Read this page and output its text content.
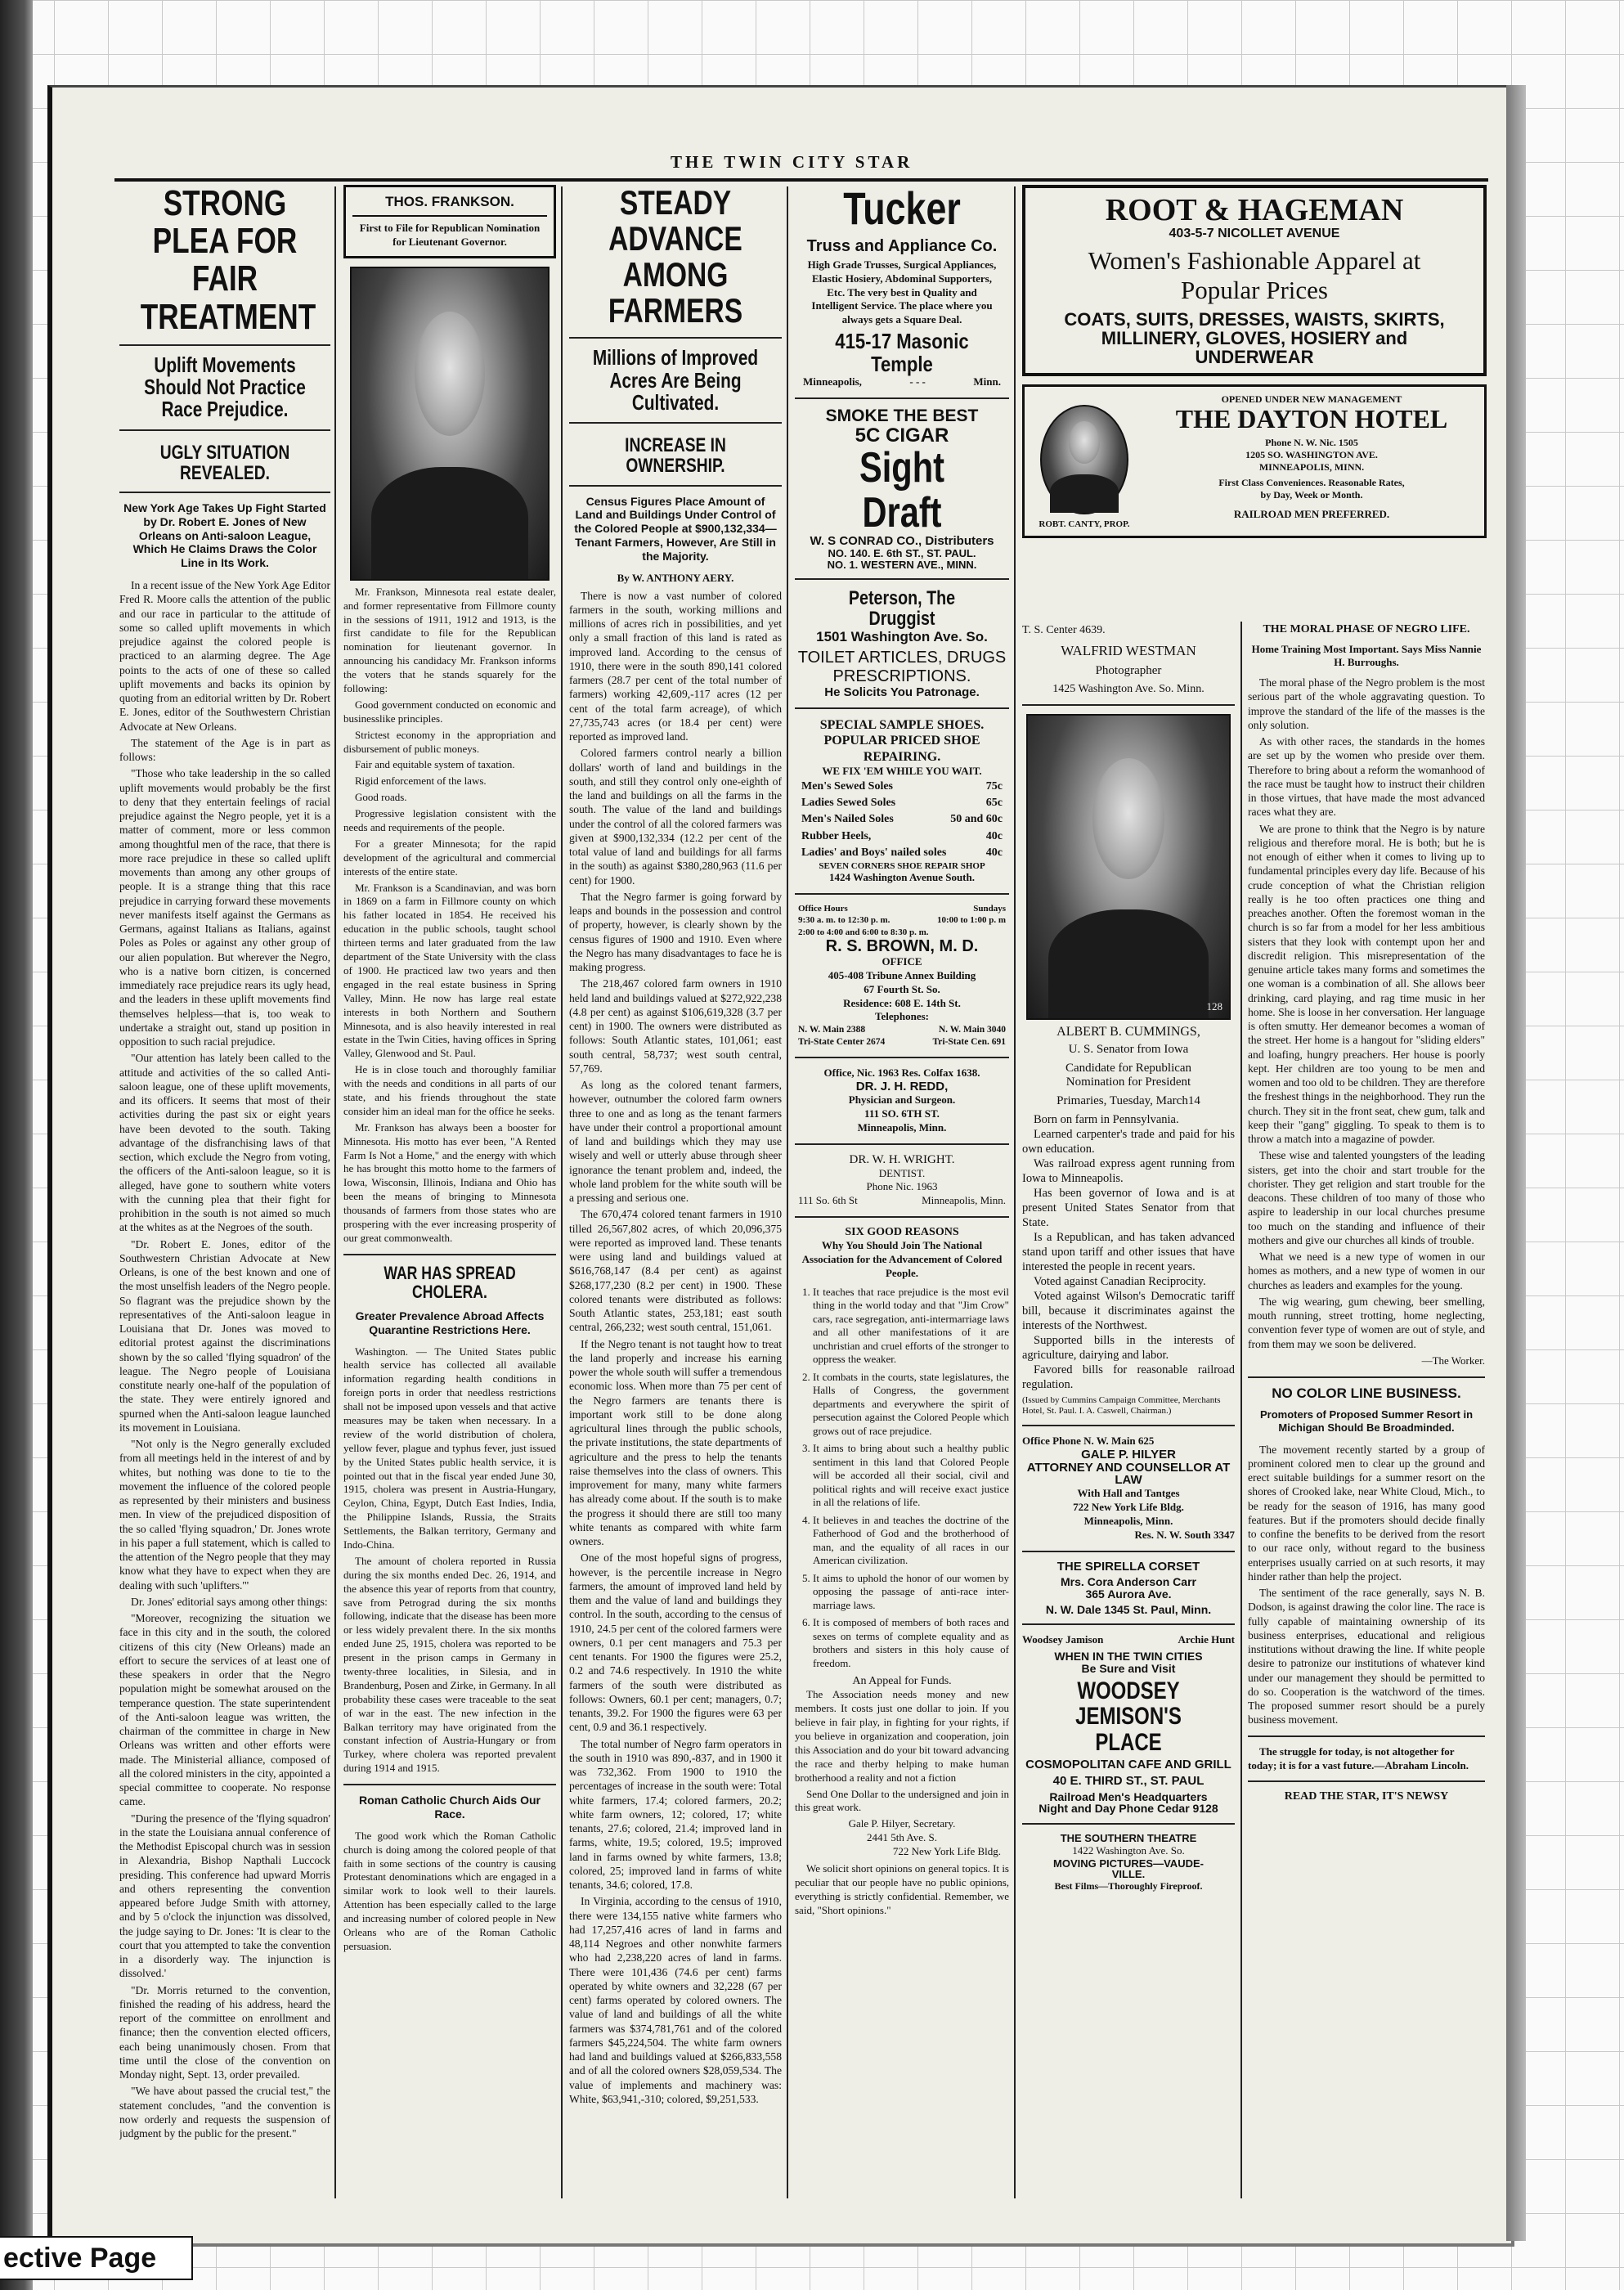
THE TWIN CITY STAR
STRONG PLEA FOR
FAIR TREATMENT
Uplift Movements Should Not Practice Race Prejudice.
UGLY SITUATION REVEALED.
New York Age Takes Up Fight Started by Dr. Robert E. Jones of New Orleans on Anti-saloon League, Which He Claims Draws the Color Line in Its Work.

In a recent issue of the New York Age Editor Fred R. Moore calls the attention of the public and our race in particular to the attitude of some so called uplift movements in which prejudice against the colored people is practiced to an alarming degree. The Age points to the acts of one of these so called uplift movements and backs its opinion by quoting from an editorial written by Dr. Robert E. Jones, editor of the Southwestern Christian Advocate at New Orleans.

The statement of the Age is in part as follows:

"Those who take leadership in the so called uplift movements would probably be the first to deny that they entertain feelings of racial prejudice against the Negro people, yet it is a matter of comment, more or less common among thoughtful men of the race, that there is more race prejudice in these so called uplift movements than among any other groups of people. It is a strange thing that this race prejudice in carrying forward these movements never manifests itself against the Germans as Germans, against Italians as Italians, against Poles as Poles or against any other group of our alien population. But wherever the Negro, who is a native born citizen, is concerned immediately race prejudice rears its ugly head, and the leaders in these uplift movements find themselves helpless—that is, too weak to undertake a straight out, stand up position in opposition to such racial prejudice.

"Our attention has lately been called to the attitude and activities of the so called Anti-saloon league, one of these uplift movements, and its officers. It seems that most of their activities during the past six or eight years have been devoted to the south. Taking advantage of the disfranchising laws of that section, which exclude the Negro from voting, the officers of the Anti-saloon league, so it is alleged, have gone to southern white voters with the cunning plea that their fight for prohibition in the south is not aimed so much at the whites as at the Negroes of the south.

"Dr. Robert E. Jones, editor of the Southwestern Christian Advocate at New Orleans, is one of the best known and one of the most unselfish leaders of the Negro people. So flagrant was the prejudice shown by the representatives of the Anti-saloon league in Louisiana that Dr. Jones was moved to editorial protest against the discriminations shown by the so called 'flying squadron' of the league. The Negro people of Louisiana constitute nearly one-half of the population of the state. They were entirely ignored and spurned when the Anti-saloon league launched its movement in Louisiana.

"Not only is the Negro generally excluded from all meetings held in the interest of and by whites, but nothing was done to tie to the movement the influence of the colored people as represented by their ministers and business men. In view of the prejudiced disposition of the so called 'flying squadron,' Dr. Jones wrote in his paper a full statement, which is called to the attention of the Negro people that they may know what they have to expect when they are dealing with such 'uplifters.'"

Dr. Jones' editorial says among other things:

"Moreover, recognizing the situation we face in this city and in the south, the colored citizens of this city (New Orleans) made an effort to secure the services of at least one of these speakers in order that the Negro population might be somewhat aroused on the temperance question. The state superintendent of the Anti-saloon league was written, the chairman of the committee in charge in New Orleans was written and other efforts were made. The Ministerial alliance, composed of all the colored ministers in the city, appointed a special committee to cooperate. No response came.

"During the presence of the 'flying squadron' in the state the Louisiana annual conference of the Methodist Episcopal church was in session in Alexandria, Bishop Napthali Luccock presiding. This conference had upward Morris and others representing the convention appeared before Judge Smith with attorney, and by 5 o'clock the injunction was dissolved, the judge saying to Dr. Jones: 'It is clear to the court that you attempted to take the convention in a disorderly way. The injunction is dissolved.'

"Dr. Morris returned to the convention, finished the reading of his address, heard the report of the committee on enrollment and finance; then the convention elected officers, each being unanimously chosen. From that time until the close of the convention on Monday night, Sept. 13, order prevailed.

"We have about passed the crucial test," the statement concludes, "and the convention is now orderly and requests the suspension of judgment by the public for the present."

THOS. FRANKSON.
First to File for Republican Nomination for Lieutenant Governor.

Mr. Frankson, Minnesota real estate dealer, and former representative from Fillmore county in the sessions of 1911, 1912 and 1913, is the first candidate to file for the Republican nomination for lieutenant governor. In announcing his candidacy Mr. Frankson informs the voters that he stands squarely for the following:

Good government conducted on economic and businesslike principles.

Strictest economy in the appropriation and disbursement of public moneys.

Fair and equitable system of taxation.

Rigid enforcement of the laws.

Good roads.

Progressive legislation consistent with the needs and requirements of the people.

For a greater Minnesota; for the rapid development of the agricultural and commercial interests of the entire state.

Mr. Frankson is a Scandinavian, and was born in 1869 on a farm in Fillmore county on which his father located in 1854. He received his education in the public schools, taught school thirteen terms and later graduated from the law department of the State University with the class of 1900. He practiced law two years and then engaged in the real estate business in Spring Valley, Minn. He now has large real estate interests in both Northern and Southern Minnesota, and is also heavily interested in real estate in the Twin Cities, having offices in Spring Valley, Glenwood and St. Paul.

He is in close touch and thoroughly familiar with the needs and conditions in all parts of our state, and his friends throughout the state consider him an ideal man for the office he seeks.

Mr. Frankson has always been a booster for Minnesota. His motto has ever been, "A Rented Farm Is Not a Home," and the energy with which he has brought this motto home to the farmers of Iowa, Wisconsin, Illinois, Indiana and Ohio has been the means of bringing to Minnesota thousands of farmers from those states who are prospering with the ever increasing prosperity of our great commonwealth.

WAR HAS SPREAD CHOLERA.
Greater Prevalence Abroad Affects Quarantine Restrictions Here.

Washington. — The United States public health service has collected all available information regarding health conditions in foreign ports in order that needless restrictions shall not be imposed upon vessels and that active measures may be taken when necessary. In a review of the world distribution of cholera, yellow fever, plague and typhus fever, just issued by the United States public health service, it is pointed out that in the fiscal year ended June 30, 1915, cholera was present in Austria-Hungary, Ceylon, China, Egypt, Dutch East Indies, India, the Philippine Islands, Russia, the Straits Settlements, the Balkan territory, Germany and Indo-China.

The amount of cholera reported in Russia during the six months ended Dec. 26, 1914, and the absence this year of reports from that country, save from Petrograd during the six months following, indicate that the disease has been more or less widely prevalent there. In the six months ended June 25, 1915, cholera was reported to be present in the prison camps in Germany in twenty-three localities, in Silesia, and in Brandenburg, Posen and Zirke, in Germany. In all probability these cases were traceable to the seat of war in the east. The new infection in the Balkan territory may have originated from the constant infection of Austria-Hungary or from Turkey, where cholera was reported prevalent during 1914 and 1915.

Roman Catholic Church Aids Our Race.

The good work which the Roman Catholic church is doing among the colored people of that faith in some sections of the country is causing Protestant denominations which are engaged in a similar work to look well to their laurels. Attention has been especially called to the large and increasing number of colored people in New Orleans who are of the Roman Catholic persuasion.

STEADY ADVANCE
AMONG FARMERS
Millions of Improved Acres Are Being Cultivated.
INCREASE IN OWNERSHIP.
Census Figures Place Amount of Land and Buildings Under Control of the Colored People at $900,132,334—Tenant Farmers, However, Are Still in the Majority.
By W. ANTHONY AERY.

There is now a vast number of colored farmers in the south, working millions and millions of acres rich in possibilities, and yet only a small fraction of this land is rated as improved land. According to the census of 1910, there were in the south 890,141 colored farmers (28.7 per cent of the total number of farmers) working 42,609,-117 acres (12 per cent of the total farm acreage), of which 27,735,743 acres (or 18.4 per cent) were reported as improved land.

Colored farmers control nearly a billion dollars' worth of land and buildings in the south, and still they control only one-eighth of the land and buildings on all the farms in the south. The value of the land and buildings under the control of all the colored farmers was given at $900,132,334 (12.2 per cent of the total value of land and buildings for all farms in the south) as against $380,280,963 (11.6 per cent) for 1900.

That the Negro farmer is going forward by leaps and bounds in the possession and control of property, however, is clearly shown by the census figures of 1900 and 1910. Even where the Negro has many disadvantages to face he is making progress.

The 218,467 colored farm owners in 1910 held land and buildings valued at $272,922,238 (4.8 per cent) as against $106,619,328 (3.7 per cent) in 1900. The owners were distributed as follows: South Atlantic states, 101,061; east south central, 58,737; west south central, 57,769.

As long as the colored tenant farmers, however, outnumber the colored farm owners three to one and as long as the tenant farmers have under their control a proportional amount of land and buildings which they may use wisely and well or utterly abuse through sheer ignorance the tenant problem and, indeed, the whole land problem for the white south will be a pressing and serious one.

The 670,474 colored tenant farmers in 1910 tilled 26,567,802 acres, of which 20,096,375 were reported as improved land. These tenants were using land and buildings valued at $616,768,147 (8.4 per cent) as against $268,177,230 (8.2 per cent) in 1900. These colored tenants were distributed as follows: South Atlantic states, 253,181; east south central, 266,232; west south central, 151,061.

If the Negro tenant is not taught how to treat the land properly and increase his earning power the whole south will suffer a tremendous economic loss. When more than 75 per cent of the Negro farmers are tenants there is important work still to be done along agricultural lines through the public schools, the private institutions, the state departments of agriculture and the press to help the tenants raise themselves into the class of owners. This improvement for many, many white farmers has already come about. If the south is to make the progress it should there are still too many white tenants as compared with white farm owners.

One of the most hopeful signs of progress, however, is the percentile increase in Negro farmers, the amount of improved land held by them and the value of land and buildings they control. In the south, according to the census of 1910, 24.5 per cent of the colored farmers were owners, 0.1 per cent managers and 75.3 per cent tenants. For 1900 the figures were 25.2, 0.2 and 74.6 respectively. In 1910 the white farmers of the south were distributed as follows: Owners, 60.1 per cent; managers, 0.7; tenants, 39.2. For 1900 the figures were 63 per cent, 0.9 and 36.1 respectively.

The total number of Negro farm operators in the south in 1910 was 890,-837, and in 1900 it was 732,362. From 1900 to 1910 the percentages of increase in the south were: Total white farmers, 17.4; colored farmers, 20.2; white farm owners, 12; colored, 17; white tenants, 27.6; colored, 21.4; improved land in farms, white, 19.5; colored, 19.5; improved land in farms owned by white farmers, 13.8; colored, 25; improved land in farms of white tenants, 34.6; colored, 17.8.

In Virginia, according to the census of 1910, there were 134,155 native white farmers who had 17,257,416 acres of land in farms and 48,114 Negroes and other nonwhite farmers who had 2,238,220 acres of land in farms. There were 101,436 (74.6 per cent) farms operated by white owners and 32,228 (67 per cent) farms operated by colored owners. The value of land and buildings of all the white farmers was $374,781,761 and of the colored farmers $45,224,504. The white farm owners had land and buildings valued at $266,833,558 and of all the colored owners $28,059,534. The value of implements and machinery was: White, $63,941,-310; colored, $9,251,533.

Tucker
Truss and Appliance Co.
High Grade Trusses, Surgical Appliances, Elastic Hosiery, Abdominal Supporters, Etc. The very best in Quality and Intelligent Service. The place where you always gets a Square Deal.
415-17 Masonic Temple
Minneapolis,	- - -	Minn.
SMOKE THE BEST
5C CIGAR
Sight Draft
W. S CONRAD CO., Distributers
NO. 140. E. 6th ST., ST. PAUL.
NO. 1. WESTERN AVE., MINN.
Peterson, The Druggist
1501 Washington Ave. So.
TOILET ARTICLES, DRUGS
PRESCRIPTIONS.
He Solicits You Patronage.
SPECIAL SAMPLE SHOES. POPULAR PRICED SHOE REPAIRING.
WE FIX 'EM WHILE YOU WAIT.
Men's Sewed Soles	75c
Ladies Sewed Soles	65c
Men's Nailed Soles	50 and 60c
Rubber Heels,	40c
Ladies' and Boys' nailed soles	40c
SEVEN CORNERS SHOE REPAIR SHOP
1424 Washington Avenue South.
Office Hours	Sundays
9:30 a. m. to 12:30 p. m.	10:00 to 1:00 p. m
2:00 to 4:00 and 6:00 to 8:30 p. m.
R. S. BROWN, M. D.
OFFICE
405-408 Tribune Annex Building
67 Fourth St. So.
Residence: 608 E. 14th St.
Telephones:
N. W. Main 2388	N. W. Main 3040
Tri-State Center 2674	Tri-State Cen. 691
Office, Nic. 1963 Res. Colfax 1638.
DR. J. H. REDD,
Physician and Surgeon.
111 SO. 6TH ST.
Minneapolis, Minn.
DR. W. H. WRIGHT.
DENTIST.
Phone Nic. 1963
111 So. 6th St	Minneapolis, Minn.
SIX GOOD REASONS
Why You Should Join The National Association for the Advancement of Colored People.
1. It teaches that race prejudice is the most evil thing in the world today and that "Jim Crow" cars, race segregation, anti-intermarriage laws and all other manifestations of it are unchristian and cruel efforts of the stronger to oppress the weaker.
2. It combats in the courts, state legislatures, the Halls of Congress, the government departments and everywhere the spirit of persecution against the Colored People which grows out of race prejudice.
3. It aims to bring about such a healthy public sentiment in this land that Colored People will be accorded all their social, civil and political rights and will receive exact justice in all the relations of life.
4. It believes in and teaches the doctrine of the Fatherhood of God and the brotherhood of man, and the equality of all races in our American civilization.
5. It aims to uphold the honor of our women by opposing the passage of anti-race inter-marriage laws.
6. It is composed of members of both races and sexes on terms of complete equality and as brothers and sisters in this holy cause of freedom.
An Appeal for Funds.

The Association needs money and new members. It costs just one dollar to join. If you believe in fair play, in fighting for your rights, if you believe in organization and cooperation, join this Association and do your bit toward advancing the race and therby helping to make human brotherhood a reality and not a fiction

Send One Dollar to the undersigned and join in this great work.

Gale P. Hilyer, Secretary.
2441 5th Ave. S.
722 New York Life Bldg.
We solicit short opinions on general topics. It is peculiar that our people have no public opinions, everything is strictly confidential. Remember, we said, "Short opinions."
ROOT & HAGEMAN
403-5-7 NICOLLET AVENUE
Women's Fashionable Apparel at
Popular Prices
COATS, SUITS, DRESSES, WAISTS, SKIRTS,
MILLINERY, GLOVES, HOSIERY and
UNDERWEAR
ROBT. CANTY, PROP.
OPENED UNDER NEW MANAGEMENT
THE DAYTON HOTEL
Phone N. W. Nic. 1505
1205 SO. WASHINGTON AVE.
MINNEAPOLIS, MINN.
First Class Conveniences. Reasonable Rates,
by Day, Week or Month.
RAILROAD MEN PREFERRED.
T. S. Center 4639.
WALFRID WESTMAN
Photographer
1425 Washington Ave. So. Minn.
128
ALBERT B. CUMMINGS,
U. S. Senator from Iowa
Candidate for Republican
Nomination for President
Primaries, Tuesday, March14

Born on farm in Pennsylvania.

Learned carpenter's trade and paid for his own education.

Was railroad express agent running from Iowa to Minneapolis.

Has been governor of Iowa and is at present United States Senator from that State.

Is a Republican, and has taken advanced stand upon tariff and other issues that have interested the people in recent years.

Voted against Canadian Reciprocity.

Voted against Wilson's Democratic tariff bill, because it discriminates against the interests of the Northwest.

Supported bills in the interests of agriculture, dairying and labor.

Favored bills for reasonable railroad regulation.

(Issued by Cummins Campaign Committee, Merchants Hotel, St. Paul. I. A. Caswell, Chairman.)
Office Phone N. W. Main 625
GALE P. HILYER
ATTORNEY AND COUNSELLOR AT LAW
With Hall and Tantges
722 New York Life Bldg.
Minneapolis, Minn.
Res. N. W. South 3347
THE SPIRELLA CORSET
Mrs. Cora Anderson Carr
365 Aurora Ave.
N. W. Dale 1345 St. Paul, Minn.
Woodsey Jamison	Archie Hunt
WHEN IN THE TWIN CITIES
Be Sure and Visit
WOODSEY JEMISON'S
PLACE
COSMOPOLITAN CAFE AND GRILL
40 E. THIRD ST., ST. PAUL
Railroad Men's Headquarters
Night and Day Phone Cedar 9128
THE SOUTHERN THEATRE
1422 Washington Ave. So.
MOVING PICTURES—VAUDE-
VILLE.
Best Films—Thoroughly Fireproof.
THE MORAL PHASE OF NEGRO LIFE.
Home Training Most Important. Says Miss Nannie H. Burroughs.

The moral phase of the Negro problem is the most serious part of the whole aggravating question. To improve the standard of the life of the masses is the only solution.

As with other races, the standards in the homes are set up by the women who preside over them. Therefore to bring about a reform the womanhood of the race must be taught how to instruct their children in those virtues, that have made the most advanced races what they are.

We are prone to think that the Negro is by nature religious and therefore moral. He is both; but he is not enough of either when it comes to living up to fundamental principles every day life. Because of his crude conception of what the Christian religion really is he too often practices one thing and preaches another. Often the foremost woman in the church is so far from a model for her less ambitious sisters that they look with contempt upon her and discredit religion. This misrepresentation of the genuine article takes many forms and sometimes the one woman is a combination of all. She allows beer drinking, card playing, and rag time music in her home. She is loose in her conversation. Her language is often smutty. Her demeanor becomes a woman of the street. Her home is a hangout for "sliding elders" and loafing, hungry preachers. Her house is poorly kept. Her children are too young to be men and women and too old to be children. They are therefore the freshest things in the neighborhood. They run the church. They sit in the front seat, chew gum, talk and keep their "gang" giggling. To speak to them is to throw a match into a magazine of powder.

These wise and talented youngsters of the leading sisters, get into the choir and start trouble for the chorister. They get religion and start trouble for the deacons. These children of too many of those who aspire to leadership in our local churches presume too much on the standing and influence of their mothers and give our churches all kinds of trouble.

What we need is a new type of women in our homes as mothers, and a new type of women in our churches as leaders and examples for the young.

The wig wearing, gum chewing, beer smelling, mouth running, street trotting, home neglecting, convention fever type of women are out of style, and from them may we soon be delivered.

—The Worker.
NO COLOR LINE BUSINESS.
Promoters of Proposed Summer Resort in Michigan Should Be Broadminded.

The movement recently started by a group of prominent colored men to clear up the ground and erect suitable buildings for a summer resort on the shores of Crooked lake, near White Cloud, Mich., to be ready for the season of 1916, has many good features. But if the promoters should decide finally to confine the benefits to be derived from the resort to our race only, without regard to the business enterprises usually carried on at such resorts, it may hinder rather than help the project.

The sentiment of the race generally, says N. B. Dodson, is against drawing the color line. The race is fully capable of maintaining ownership of its business enterprises, educational and religious institutions without drawing the line. If white people desire to patronize our institutions of whatever kind under our management they should be permitted to do so. Cooperation is the watchword of the times. The proposed summer resort should be a purely business movement.

The struggle for today, is not altogether for today; it is for a vast future.—Abraham Lincoln.
READ THE STAR, IT'S NEWSY
ective Page
